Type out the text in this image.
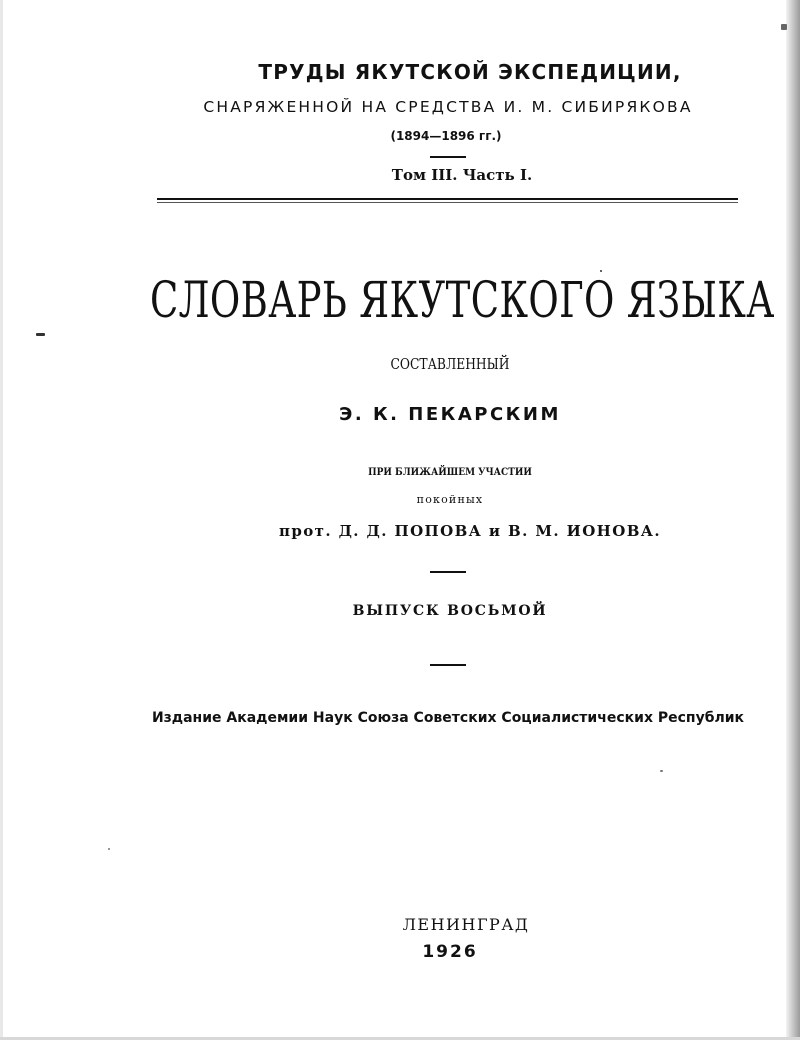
ТРУДЫ ЯКУТСКОЙ ЭКСПЕДИЦИИ,
СНАРЯЖЕННОЙ НА СРЕДСТВА И. М. СИБИРЯКОВА
(1894—1896 гг.)
Том III. Часть I.
СЛОВАРЬ ЯКУТСКОГО ЯЗЫКА
СОСТАВЛЕННЫЙ
Э. К. ПЕКАРСКИМ
ПРИ БЛИЖАЙШЕМ УЧАСТИИ
покойных
прот. Д. Д. ПОПОВА и В. М. ИОНОВА.
ВЫПУСК ВОСЬМОЙ
Издание Академии Наук Союза Советских Социалистических Республик
ЛЕНИНГРАД
1926
